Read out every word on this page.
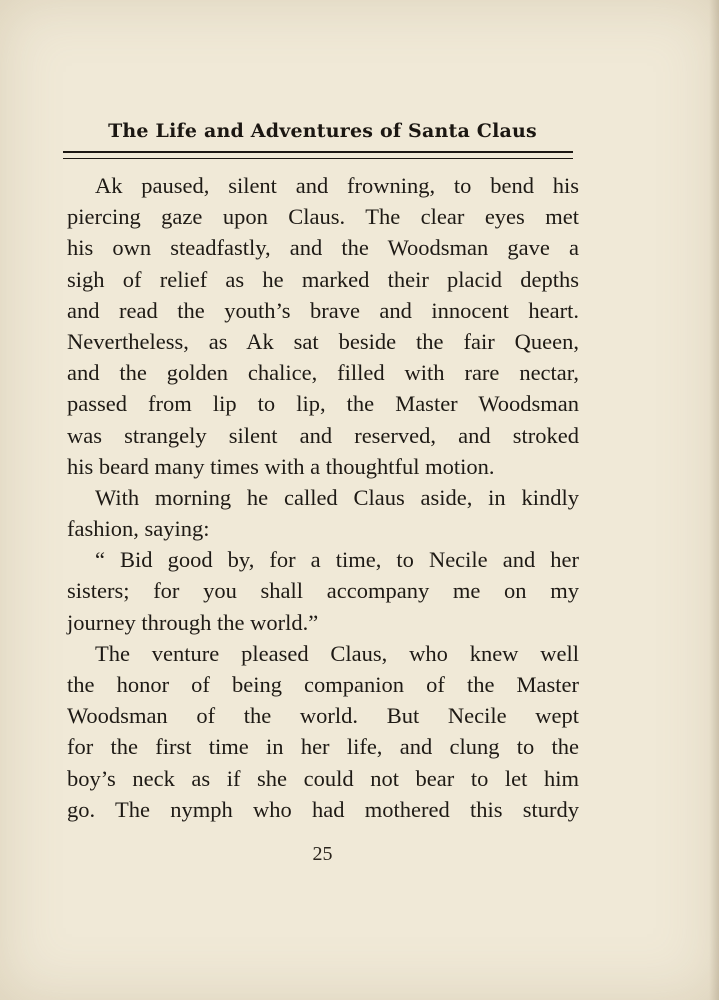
The Life and Adventures of Santa Claus
Ak paused, silent and frowning, to bend his
piercing gaze upon Claus. The clear eyes met
his own steadfastly, and the Woodsman gave a
sigh of relief as he marked their placid depths
and read the youth’s brave and innocent heart.
Nevertheless, as Ak sat beside the fair Queen,
and the golden chalice, filled with rare nectar,
passed from lip to lip, the Master Woodsman
was strangely silent and reserved, and stroked
his beard many times with a thoughtful motion.
With morning he called Claus aside, in kindly
fashion, saying:
“ Bid good by, for a time, to Necile and her
sisters; for you shall accompany me on my
journey through the world.”
The venture pleased Claus, who knew well
the honor of being companion of the Master
Woodsman of the world. But Necile wept
for the first time in her life, and clung to the
boy’s neck as if she could not bear to let him
go. The nymph who had mothered this sturdy
25
